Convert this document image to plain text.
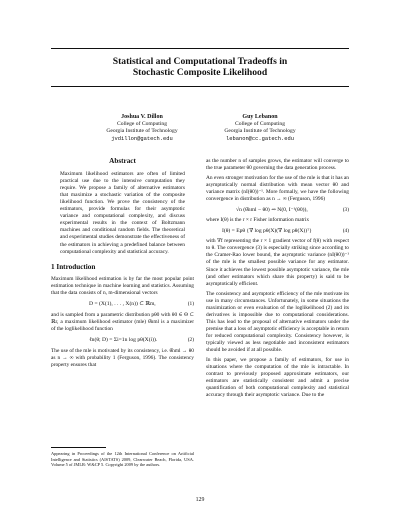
Statistical and Computational Tradeoffs in
Stochastic Composite Likelihood
Joshua V. Dillon
College of Computing
Georgia Institute of Technology
jvdillon@gatech.edu
Guy Lebanon
College of Computing
Georgia Institute of Technology
lebanon@cc.gatech.edu
Abstract

Maximum likelihood estimators are often of limited practical use due to the intensive computation they require. We propose a family of alternative estimators that maximize a stochastic variation of the composite likelihood function. We prove the consistency of the estimators, provide formulas for their asymptotic variance and computational complexity, and discuss experimental results in the context of Boltzmann machines and conditional random fields. The theoretical and experimental studies demonstrate the effectiveness of the estimators in achieving a predefined balance between computational complexity and statistical accuracy.

1 Introduction

Maximum likelihood estimation is by far the most popular point estimation technique in machine learning and statistics. Assuming that the data consists of n, m-dimensional vectors

D = (X(1), . . . , X(n)) ⊂ ℝm,	(1)

and is sampled from a parametric distribution pθ0 with θ0 ∈ Θ ⊂ ℝr, a maximum likelihood estimator (mle) θ̂nml is a maximizer of the loglikelihood function

ℓn(θ; D) = Σi=1n log pθ(X(i)).	(2)

The use of the mle is motivated by its consistency, i.e. θ̂nml → θ0 as n → ∞ with probability 1 (Ferguson, 1996). The consistency property ensures that

Appearing in Proceedings of the 12th International Conference on Artificial Intelligence and Statistics (AISTATS) 2009, Clearwater Beach, Florida, USA. Volume 5 of JMLR: W&CP 5. Copyright 2009 by the authors.

as the number n of samples grows, the estimator will converge to the true parameter θ0 governing the data generation process.

An even stronger motivation for the use of the mle is that it has an asymptotically normal distribution with mean vector θ0 and variance matrix (nI(θ0))⁻¹. More formally, we have the following convergence in distribution as n → ∞ (Ferguson, 1996)

√n (θ̂nml − θ0) ⇝ N(0, I⁻¹(θ0)),	(3)

where I(θ) is the r × r Fisher information matrix

I(θ) = Epθ {∇ log pθ(X)(∇ log pθ(X))ᵀ}	(4)

with ∇f representing the r × 1 gradient vector of f(θ) with respect to θ. The convergence (3) is especially striking since according to the Cramer-Rao lower bound, the asymptotic variance (nI(θ0))⁻¹ of the mle is the smallest possible variance for any estimator. Since it achieves the lowest possible asymptotic variance, the mle (and other estimators which share this property) is said to be asymptotically efficient.

The consistency and asymptotic efficiency of the mle motivate its use in many circumstances. Unfortunately, in some situations the maximization or even evaluation of the loglikelihood (2) and its derivatives is impossible due to computational considerations. This has lead to the proposal of alternative estimators under the premise that a loss of asymptotic efficiency is acceptable in return for reduced computational complexity. Consistency however, is typically viewed as less negotiable and inconsistent estimators should be avoided if at all possible.

In this paper, we propose a family of estimators, for use in situations where the computation of the mle is intractable. In contrast to previously proposed approximate estimators, our estimators are statistically consistent and admit a precise quantification of both computational complexity and statistical accuracy through their asymptotic variance. Due to the

129
